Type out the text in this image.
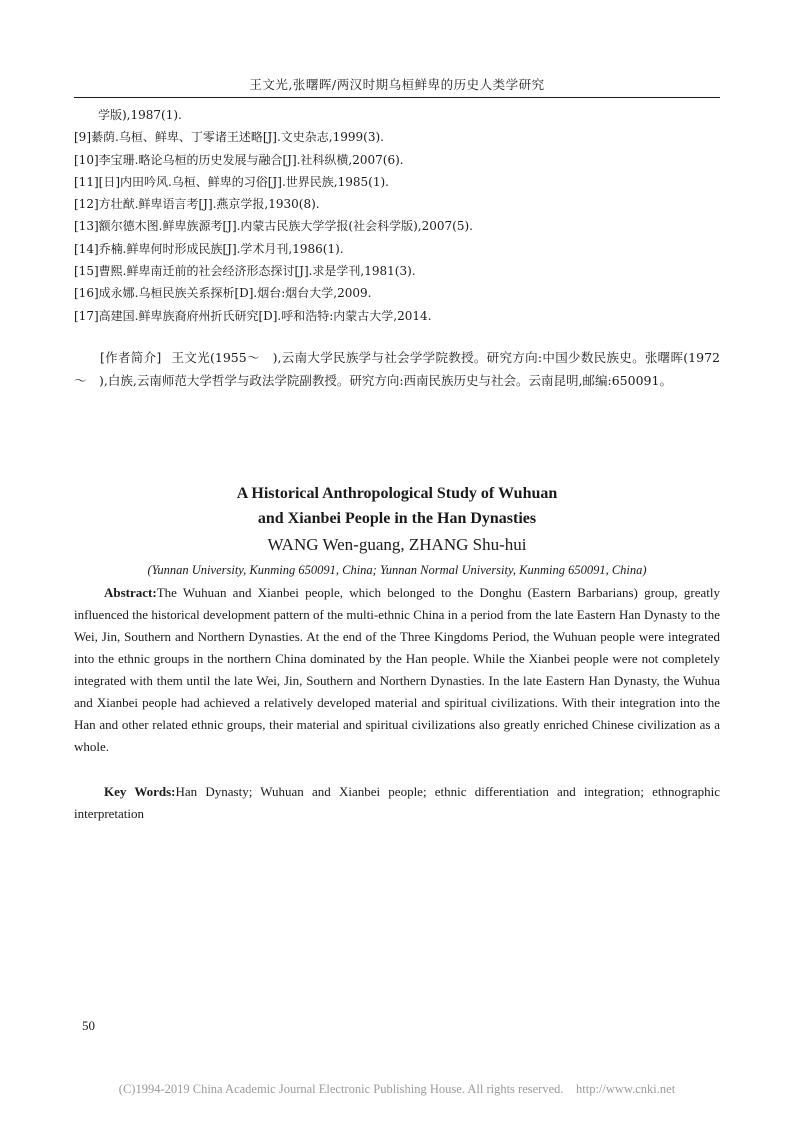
王文光,张曙晖/两汉时期乌桓鲜卑的历史人类学研究
学版),1987(1).
[9]綦荫.乌桓、鲜卑、丁零诸王述略[J].文史杂志,1999(3).
[10]李宝珊.略论乌桓的历史发展与融合[J].社科纵横,2007(6).
[11][日]内田吟风.乌桓、鲜卑的习俗[J].世界民族,1985(1).
[12]方壮猷.鲜卑语言考[J].燕京学报,1930(8).
[13]额尔德木图.鲜卑族源考[J].内蒙古民族大学学报(社会科学版),2007(5).
[14]乔楠.鲜卑何时形成民族[J].学术月刊,1986(1).
[15]曹熙.鲜卑南迁前的社会经济形态探讨[J].求是学刊,1981(3).
[16]成永娜.乌桓民族关系探析[D].烟台:烟台大学,2009.
[17]高建国.鲜卑族裔府州折氏研究[D].呼和浩特:内蒙古大学,2014.
[作者简介] 王文光(1955～　),云南大学民族学与社会学学院教授。研究方向:中国少数民族史。张曙晖(1972～　),白族,云南师范大学哲学与政法学院副教授。研究方向:西南民族历史与社会。云南昆明,邮编:650091。
A Historical Anthropological Study of Wuhuan
and Xianbei People in the Han Dynasties
WANG Wen-guang, ZHANG Shu-hui
(Yunnan University, Kunming 650091, China; Yunnan Normal University, Kunming 650091, China)

Abstract:The Wuhuan and Xianbei people, which belonged to the Donghu (Eastern Barbarians) group, greatly influenced the historical development pattern of the multi-ethnic China in a period from the late Eastern Han Dynasty to the Wei, Jin, Southern and Northern Dynasties. At the end of the Three Kingdoms Period, the Wuhuan people were integrated into the ethnic groups in the northern China dominated by the Han people. While the Xianbei people were not completely integrated with them until the late Wei, Jin, Southern and Northern Dynasties. In the late Eastern Han Dynasty, the Wuhua and Xianbei people had achieved a relatively developed material and spiritual civilizations. With their integration into the Han and other related ethnic groups, their material and spiritual civilizations also greatly enriched Chinese civilization as a whole.

Key Words:Han Dynasty; Wuhuan and Xianbei people; ethnic differentiation and integration; ethnographic interpretation

50
(C)1994-2019 China Academic Journal Electronic Publishing House. All rights reserved.    http://www.cnki.net
